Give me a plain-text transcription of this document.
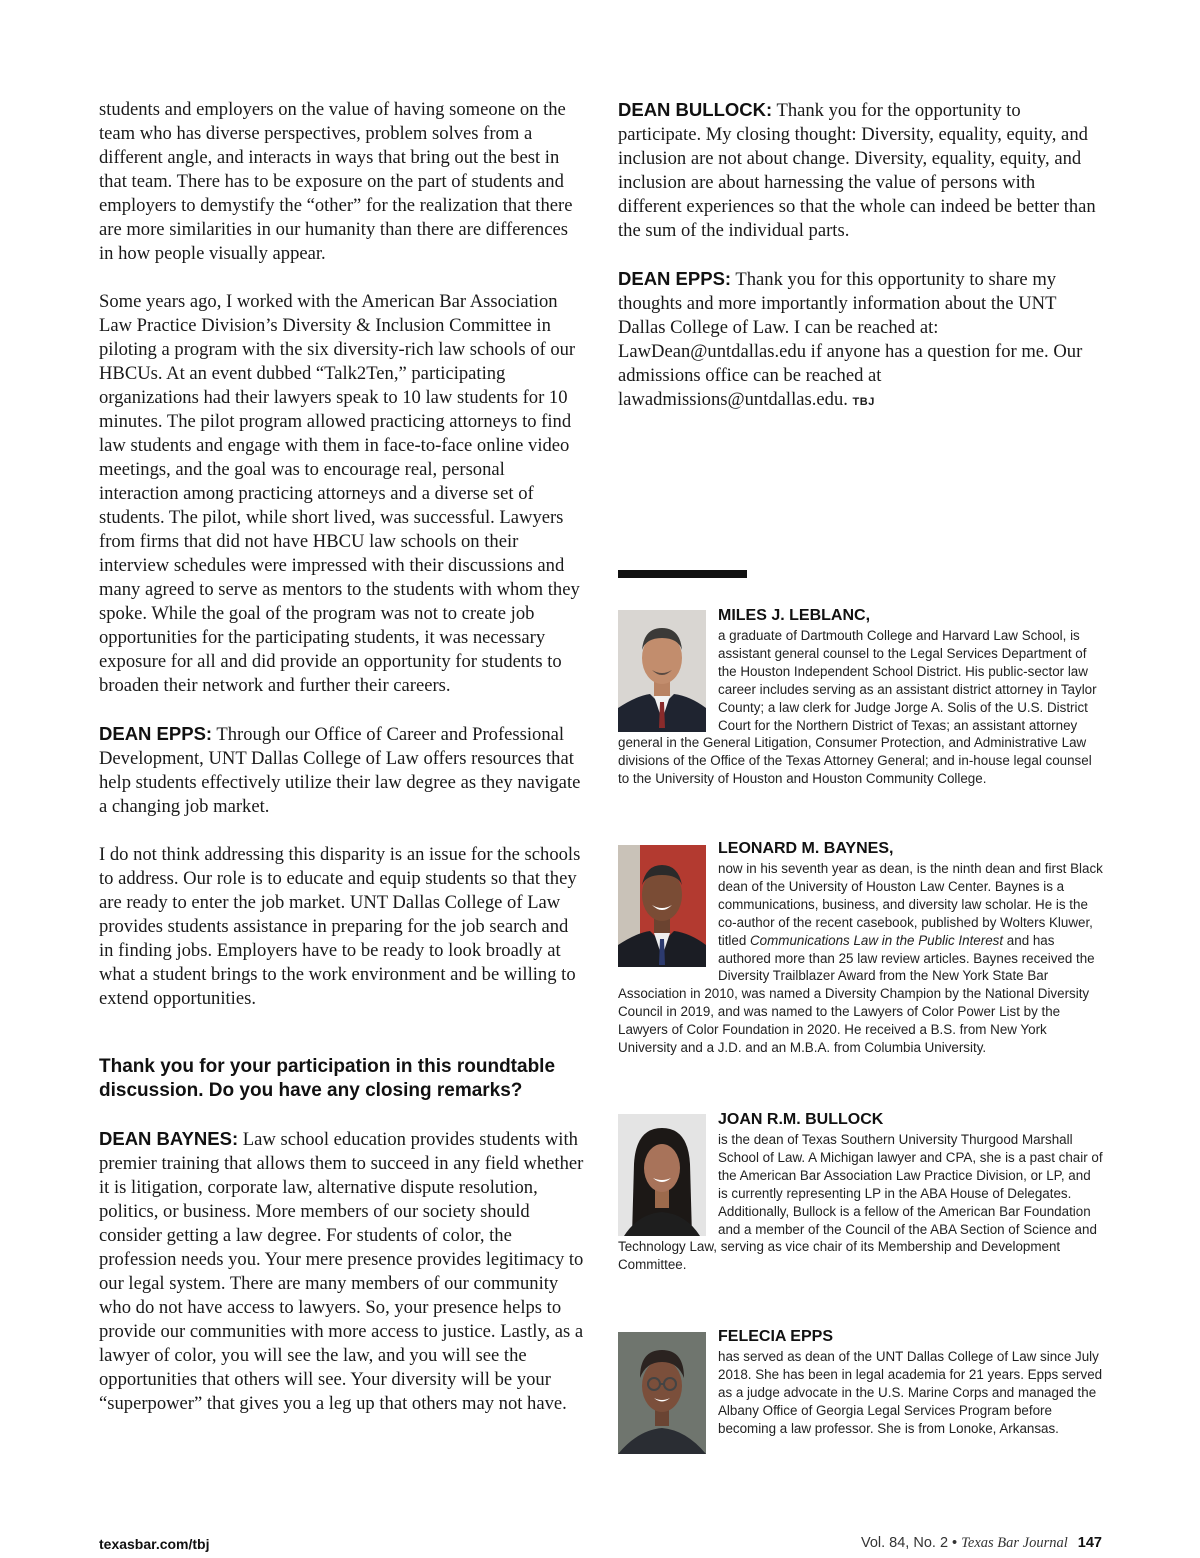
students and employers on the value of having someone on the team who has diverse perspectives, problem solves from a different angle, and interacts in ways that bring out the best in that team. There has to be exposure on the part of students and employers to demystify the “other” for the realization that there are more similarities in our humanity than there are differences in how people visually appear.

Some years ago, I worked with the American Bar Association Law Practice Division’s Diversity & Inclusion Committee in piloting a program with the six diversity-rich law schools of our HBCUs. At an event dubbed “Talk2Ten,” participating organizations had their lawyers speak to 10 law students for 10 minutes. The pilot program allowed practicing attorneys to find law students and engage with them in face-to-face online video meetings, and the goal was to encourage real, personal interaction among practicing attorneys and a diverse set of students. The pilot, while short lived, was successful. Lawyers from firms that did not have HBCU law schools on their interview schedules were impressed with their discussions and many agreed to serve as mentors to the students with whom they spoke. While the goal of the program was not to create job opportunities for the participating students, it was necessary exposure for all and did provide an opportunity for students to broaden their network and further their careers.

DEAN EPPS: Through our Office of Career and Professional Development, UNT Dallas College of Law offers resources that help students effectively utilize their law degree as they navigate a changing job market.

I do not think addressing this disparity is an issue for the schools to address. Our role is to educate and equip students so that they are ready to enter the job market. UNT Dallas College of Law provides students assistance in preparing for the job search and in finding jobs. Employers have to be ready to look broadly at what a student brings to the work environment and be willing to extend opportunities.

Thank you for your participation in this roundtable discussion. Do you have any closing remarks?

DEAN BAYNES: Law school education provides students with premier training that allows them to succeed in any field whether it is litigation, corporate law, alternative dispute resolution, politics, or business. More members of our society should consider getting a law degree. For students of color, the profession needs you. Your mere presence provides legitimacy to our legal system. There are many members of our community who do not have access to lawyers. So, your presence helps to provide our communities with more access to justice. Lastly, as a lawyer of color, you will see the law, and you will see the opportunities that others will see. Your diversity will be your “superpower” that gives you a leg up that others may not have.

DEAN BULLOCK: Thank you for the opportunity to participate. My closing thought: Diversity, equality, equity, and inclusion are not about change. Diversity, equality, equity, and inclusion are about harnessing the value of persons with different experiences so that the whole can indeed be better than the sum of the individual parts.

DEAN EPPS: Thank you for this opportunity to share my thoughts and more importantly information about the UNT Dallas College of Law. I can be reached at: LawDean@untdallas.edu if anyone has a question for me. Our admissions office can be reached at lawadmissions@untdallas.edu. TBJ

MILES J. LEBLANC,
a graduate of Dartmouth College and Harvard Law School, is assistant general counsel to the Legal Services Department of the Houston Independent School District. His public-sector law career includes serving as an assistant district attorney in Taylor County; a law clerk for Judge Jorge A. Solis of the U.S. District Court for the Northern District of Texas; an assistant attorney general in the General Litigation, Consumer Protection, and Administrative Law divisions of the Office of the Texas Attorney General; and in-house legal counsel to the University of Houston and Houston Community College.
LEONARD M. BAYNES,
now in his seventh year as dean, is the ninth dean and first Black dean of the University of Houston Law Center. Baynes is a communications, business, and diversity law scholar. He is the co-author of the recent casebook, published by Wolters Kluwer, titled Communications Law in the Public Interest and has authored more than 25 law review articles. Baynes received the Diversity Trailblazer Award from the New York State Bar Association in 2010, was named a Diversity Champion by the National Diversity Council in 2019, and was named to the Lawyers of Color Power List by the Lawyers of Color Foundation in 2020. He received a B.S. from New York University and a J.D. and an M.B.A. from Columbia University.
JOAN R.M. BULLOCK
is the dean of Texas Southern University Thurgood Marshall School of Law. A Michigan lawyer and CPA, she is a past chair of the American Bar Association Law Practice Division, or LP, and is currently representing LP in the ABA House of Delegates. Additionally, Bullock is a fellow of the American Bar Foundation and a member of the Council of the ABA Section of Science and Technology Law, serving as vice chair of its Membership and Development Committee.
FELECIA EPPS
has served as dean of the UNT Dallas College of Law since July 2018. She has been in legal academia for 21 years. Epps served as a judge advocate in the U.S. Marine Corps and managed the Albany Office of Georgia Legal Services Program before becoming a law professor. She is from Lonoke, Arkansas.
texasbar.com/tbj	Vol. 84, No. 2 • Texas Bar Journal 147
